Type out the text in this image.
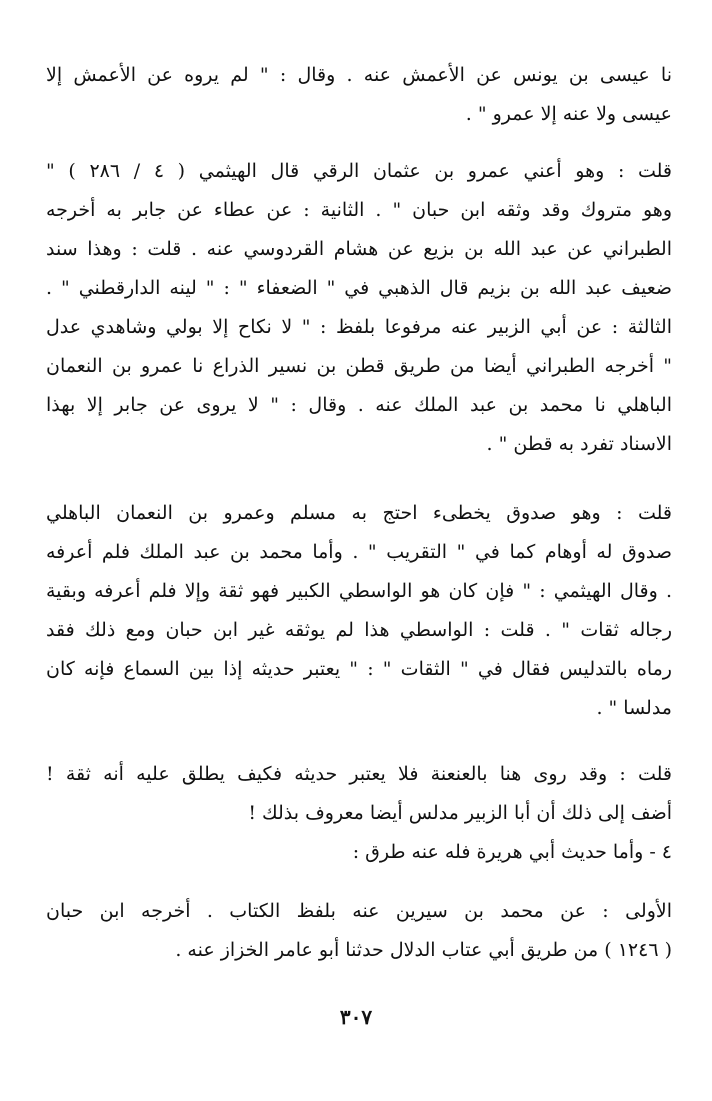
نا عيسى بن يونس عن الأعمش عنه . وقال : " لم يروه عن الأعمش إلا
عيسى ولا عنه إلا عمرو " .
قلت : وهو أعني عمرو بن عثمان الرقي قال الهيثمي ( ٤ / ٢٨٦ ) "
وهو متروك وقد وثقه ابن حبان " . الثانية : عن عطاء عن جابر به أخرجه
الطبراني عن عبد الله بن بزيع عن هشام القردوسي عنه . قلت : وهذا سند
ضعيف عبد الله بن بزيم قال الذهبي في " الضعفاء " : " لينه الدارقطني " .
الثالثة : عن أبي الزبير عنه مرفوعا بلفظ : " لا نكاح إلا بولي وشاهدي عدل
" أخرجه الطبراني أيضا من طريق قطن بن نسير الذراع نا عمرو بن النعمان
الباهلي نا محمد بن عبد الملك عنه . وقال : " لا يروى عن جابر إلا بهذا
الاسناد تفرد به قطن " .
قلت : وهو صدوق يخطىء احتج به مسلم وعمرو بن النعمان الباهلي
صدوق له أوهام كما في " التقريب " . وأما محمد بن عبد الملك فلم أعرفه
. وقال الهيثمي : " فإن كان هو الواسطي الكبير فهو ثقة وإلا فلم أعرفه وبقية
رجاله ثقات " . قلت : الواسطي هذا لم يوثقه غير ابن حبان ومع ذلك فقد
رماه بالتدليس فقال في " الثقات " : " يعتبر حديثه إذا بين السماع فإنه كان
مدلسا " .
قلت : وقد روى هنا بالعنعنة فلا يعتبر حديثه فكيف يطلق عليه أنه ثقة !
أضف إلى ذلك أن أبا الزبير مدلس أيضا معروف بذلك !
٤ - وأما حديث أبي هريرة فله عنه طرق :
الأولى : عن محمد بن سيرين عنه بلفظ الكتاب . أخرجه ابن حبان
( ١٢٤٦ ) من طريق أبي عتاب الدلال حدثنا أبو عامر الخزاز عنه .
٣٠٧
